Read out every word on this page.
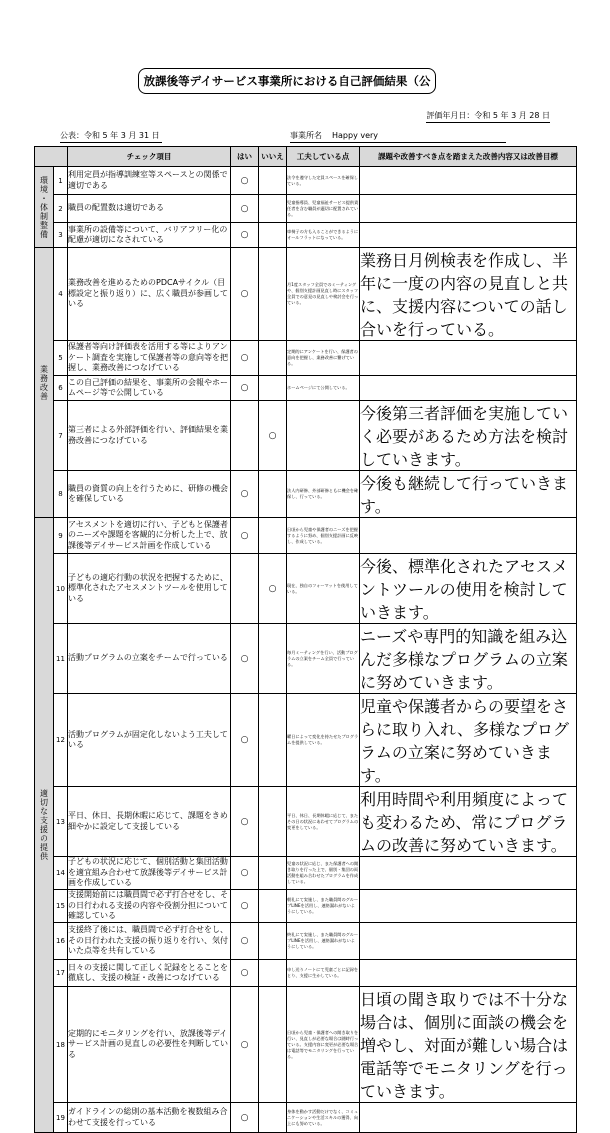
放課後等デイサービス事業所における自己評価結果（公
評価年月日：令和 5 年 3 月 28 日
公表：令和 5 年 3 月 31 日	事業所名 Happy very
		チェック項目	はい	いいえ	工夫している点	課題や改善すべき点を踏まえた改善内容又は改善目標
環境・体制整備	1	利用定員が指導訓練室等スペースとの関係で適切である	○		法令を遵守した定員スペースを確保している。	
	2	職員の配置数は適切である	○		児童指導員、児童福祉サービス提供責任者を含む職員が適切に配置されている。	
	3	事業所の設備等について、バリアフリー化の配慮が適切になされている	○		車椅子の方も入ることができるようにオールフラットになっている。	
業務改善	4	業務改善を進めるためのPDCAサイクル（目標設定と振り返り）に、広く職員が参画している	○		月1度スタッフ全員でのミーティングや、個別支援計画見直し時にスタッフ全員での意見の見直しや検討会を行っている。	業務日月例検表を作成し、半年に一度の内容の見直しと共に、支援内容についての話し合いを行っている。
	5	保護者等向け評価表を活用する等によりアンケート調査を実施して保護者等の意向等を把握し、業務改善につなげている	○		定期的にアンケートを行い、保護者の意向を把握し、業務改善に繋げている。	
	6	この自己評価の結果を、事業所の会報やホームページ等で公開している	○		ホームページにて公開している。	
	7	第三者による外部評価を行い、評価結果を業務改善につなげている		○		今後第三者評価を実施していく必要があるため方法を検討していきます。
	8	職員の資質の向上を行うために、研修の機会を確保している	○		法人内研修、外部研修ともに機会を確保し、行っている。	今後も継続して行っていきます。
適切な支援の提供	9	アセスメントを適切に行い、子どもと保護者のニーズや課題を客観的に分析した上で、放課後等デイサービス計画を作成している	○		日頃から児童や保護者のニーズを把握するように努め、個別支援計画に反映し、作成している。	
	10	子どもの適応行動の状況を把握するために、標準化されたアセスメントツールを使用している		○	現在、独自のフォーマットを使用している。	今後、標準化されたアセスメントツールの使用を検討していきます。
	11	活動プログラムの立案をチームで行っている	○		毎月ミーティングを行い、活動プログラムの立案をチーム全員で行っている。	ニーズや専門的知識を組み込んだ多様なプログラムの立案に努めていきます。
	12	活動プログラムが固定化しないよう工夫している	○		曜日によって変化を持たせたプログラムを提供している。	児童や保護者からの要望をさらに取り入れ、多様なプログラムの立案に努めていきます。
	13	平日、休日、長期休暇に応じて、課題をきめ細やかに設定して支援している	○		平日、休日、長期休暇に応じて、またその日の状況にあわせてプログラムの変更をしている。	利用時間や利用頻度によっても変わるため、常にプログラムの改善に努めていきます。
	14	子どもの状況に応じて、個別活動と集団活動を適宜組み合わせて放課後等デイサービス計画を作成している	○		児童の状況に応じ、また保護者への聞き取りを行った上で、個別・集団の両活動を組み合わせたプログラムを作成している。	
	15	支援開始前には職員間で必ず打合せをし、その日行われる支援の内容や役割分担について確認している	○		朝礼にて実施し、また職員間のグループLINEを活用し、連絡漏れがないようにしている。	
	16	支援終了後には、職員間で必ず打合せをし、その日行われた支援の振り返りを行い、気付いた点等を共有している	○		終礼にて実施し、また職員間のグループLINEを活用し、連絡漏れがないようにしている。	
	17	日々の支援に関して正しく記録をとることを徹底し、支援の検証・改善につなげている	○		申し送りノートにて児童ごとに記録をとり、支援に生かしている。	
	18	定期的にモニタリングを行い、放課後等デイサービス計画の見直しの必要性を判断している	○		日頃から児童・保護者への聞き取りを行い、見直しが必要な場合は随時行っている。支援内容に変更が必要な場合は電話等でモニタリングを行っている。	日頃の聞き取りでは不十分な場合は、個別に面談の機会を増やし、対面が難しい場合は電話等でモニタリングを行っていきます。
	19	ガイドラインの総則の基本活動を複数組み合わせて支援を行っている	○		身体を動かす活動だけでなく、コミュニケーションや生活スキルの獲得、向上にも努めている。	
